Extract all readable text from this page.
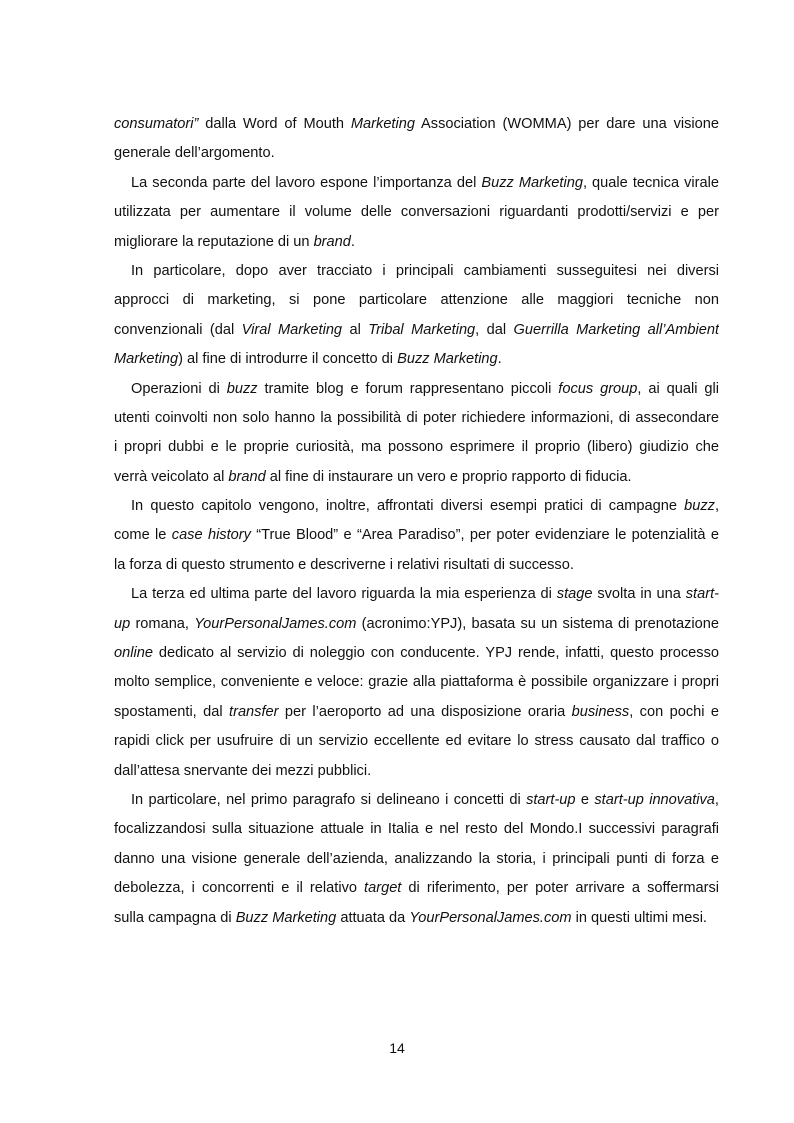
consumatori” dalla Word of Mouth Marketing Association (WOMMA) per dare una visione
generale dell’argomento.
La seconda parte del lavoro espone l’importanza del Buzz Marketing, quale tecnica virale
utilizzata per aumentare il volume delle conversazioni riguardanti prodotti/servizi e per
migliorare la reputazione di un brand.
In particolare, dopo aver tracciato i principali cambiamenti susseguitesi nei diversi
approcci di marketing, si pone particolare attenzione alle maggiori tecniche non
convenzionali (dal Viral Marketing al Tribal Marketing, dal Guerrilla Marketing all’Ambient
Marketing) al fine di introdurre il concetto di Buzz Marketing.
Operazioni di buzz tramite blog e forum rappresentano piccoli focus group, ai quali gli
utenti coinvolti non solo hanno la possibilità di poter richiedere informazioni, di assecondare
i propri dubbi e le proprie curiosità, ma possono esprimere il proprio (libero) giudizio che
verrà veicolato al brand al fine di instaurare un vero e proprio rapporto di fiducia.
In questo capitolo vengono, inoltre, affrontati diversi esempi pratici di campagne buzz,
come le case history “True Blood” e “Area Paradiso”, per poter evidenziare le potenzialità e
la forza di questo strumento e descriverne i relativi risultati di successo.
La terza ed ultima parte del lavoro riguarda la mia esperienza di stage svolta in una start-
up romana, YourPersonalJames.com (acronimo:YPJ), basata su un sistema di prenotazione
online dedicato al servizio di noleggio con conducente. YPJ rende, infatti, questo processo
molto semplice, conveniente e veloce: grazie alla piattaforma è possibile organizzare i propri
spostamenti, dal transfer per l’aeroporto ad una disposizione oraria business, con pochi e
rapidi click per usufruire di un servizio eccellente ed evitare lo stress causato dal traffico o
dall’attesa snervante dei mezzi pubblici.
In particolare, nel primo paragrafo si delineano i concetti di start-up e start-up innovativa,
focalizzandosi sulla situazione attuale in Italia e nel resto del Mondo.I successivi paragrafi
danno una visione generale dell’azienda, analizzando la storia, i principali punti di forza e
debolezza, i concorrenti e il relativo target di riferimento, per poter arrivare a soffermarsi
sulla campagna di Buzz Marketing attuata da YourPersonalJames.com in questi ultimi mesi.
14
